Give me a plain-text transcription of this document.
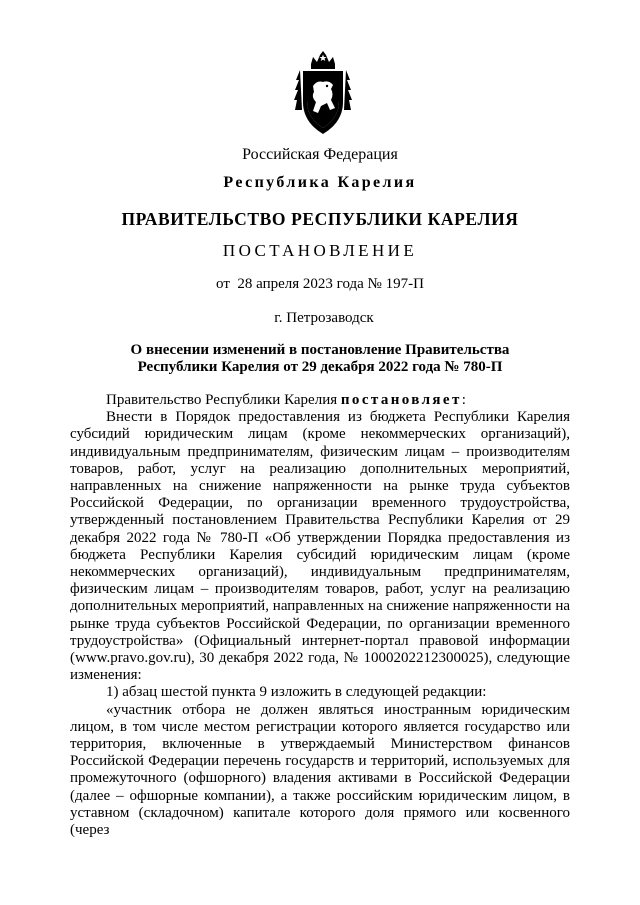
Российская Федерация
Республика Карелия
ПРАВИТЕЛЬСТВО РЕСПУБЛИКИ КАРЕЛИЯ
ПОСТАНОВЛЕНИЕ
от  28 апреля 2023 года № 197-П
г. Петрозаводск
О внесении изменений в постановление Правительства
Республики Карелия от 29 декабря 2022 года № 780-П

Правительство Республики Карелия постановляет:

Внести в Порядок предоставления из бюджета Республики Карелия субсидий юридическим лицам (кроме некоммерческих организаций), индивидуальным предпринимателям, физическим лицам – производителям товаров, работ, услуг на реализацию дополнительных мероприятий, направленных на снижение напряженности на рынке труда субъектов Российской Федерации, по организации временного трудоустройства, утвержденный постановлением Правительства Республики Карелия от 29 декабря 2022 года № 780-П «Об утверждении Порядка предоставления из бюджета Республики Карелия субсидий юридическим лицам (кроме некоммерческих организаций), индивидуальным предпринимателям, физическим лицам – производителям товаров, работ, услуг на реализацию дополнительных мероприятий, направленных на снижение напряженности на рынке труда субъектов Российской Федерации, по организации временного трудоустройства» (Официальный интернет-портал правовой информации (www.pravo.gov.ru), 30 декабря 2022 года, № 1000202212300025), следующие изменения:

1) абзац шестой пункта 9 изложить в следующей редакции:

«участник отбора не должен являться иностранным юридическим лицом, в том числе местом регистрации которого является государство или территория, включенные в утверждаемый Министерством финансов Российской Федерации перечень государств и территорий, используемых для промежуточного (офшорного) владения активами в Российской Федерации (далее – офшорные компании), а также российским юридическим лицом, в уставном (складочном) капитале которого доля прямого или косвенного (через
